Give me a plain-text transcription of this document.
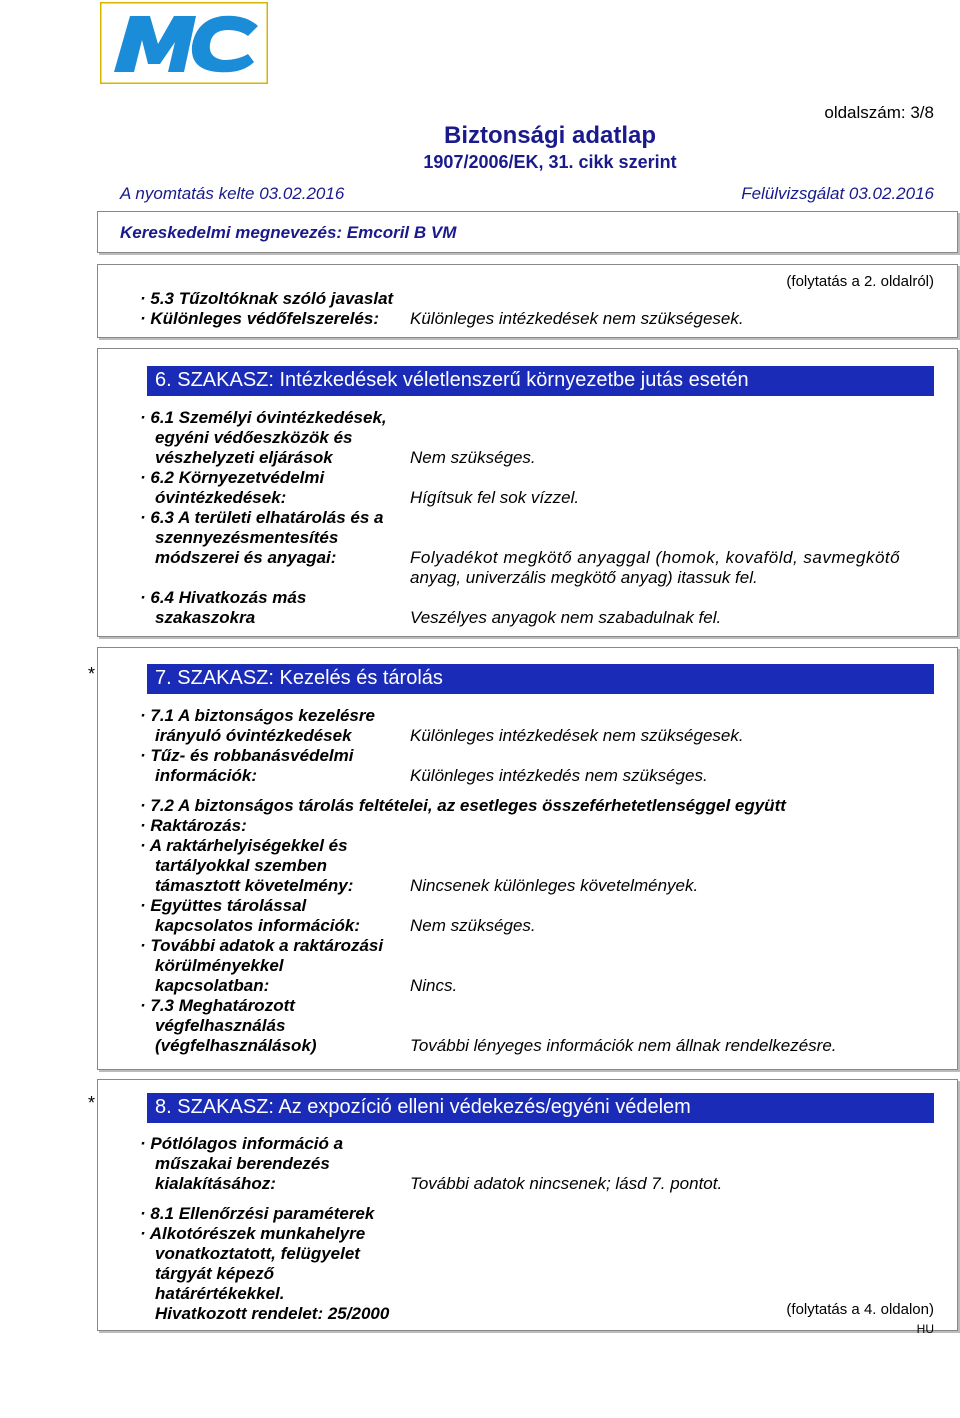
oldalszám: 3/8
Biztonsági adatlap
1907/2006/EK, 31. cikk szerint
A nyomtatás kelte 03.02.2016	Felülvizsgálat 03.02.2016
Kereskedelmi megnevezés: Emcoril B VM
(folytatás a 2. oldalról)
· 5.3 Tűzoltóknak szóló javaslat
· Különleges védőfelszerelés: Különleges intézkedések nem szükségesek.
6. SZAKASZ: Intézkedések véletlenszerű környezetbe jutás esetén
· 6.1 Személyi óvintézkedések,
egyéni védőeszközök és
vészhelyzeti eljárások	Nem szükséges.
· 6.2 Környezetvédelmi
óvintézkedések:	Hígítsuk fel sok vízzel.
· 6.3 A területi elhatárolás és a
szennyezésmentesítés
módszerei és anyagai:	Folyadékot megkötő anyaggal (homok, kovaföld, savmegkötő
anyag, univerzális megkötő anyag) itassuk fel.
· 6.4 Hivatkozás más
szakaszokra	Veszélyes anyagok nem szabadulnak fel.
*	7. SZAKASZ: Kezelés és tárolás
· 7.1 A biztonságos kezelésre
irányuló óvintézkedések	Különleges intézkedések nem szükségesek.
· Tűz- és robbanásvédelmi
információk:	Különleges intézkedés nem szükséges.
· 7.2 A biztonságos tárolás feltételei, az esetleges összeférhetetlenséggel együtt
· Raktározás:
· A raktárhelyiségekkel és
tartályokkal szemben
támasztott követelmény:	Nincsenek különleges követelmények.
· Együttes tárolással
kapcsolatos információk:	Nem szükséges.
· További adatok a raktározási
körülményekkel
kapcsolatban:	Nincs.
· 7.3 Meghatározott
végfelhasználás
(végfelhasználások)	További lényeges információk nem állnak rendelkezésre.
*	8. SZAKASZ: Az expozíció elleni védekezés/egyéni védelem
· Pótlólagos információ a
műszakai berendezés
kialakításához:	További adatok nincsenek; lásd 7. pontot.
· 8.1 Ellenőrzési paraméterek
· Alkotórészek munkahelyre
vonatkoztatott, felügyelet
tárgyát képező
határértékekkel.
Hivatkozott rendelet: 25/2000	(folytatás a 4. oldalon)
HU
